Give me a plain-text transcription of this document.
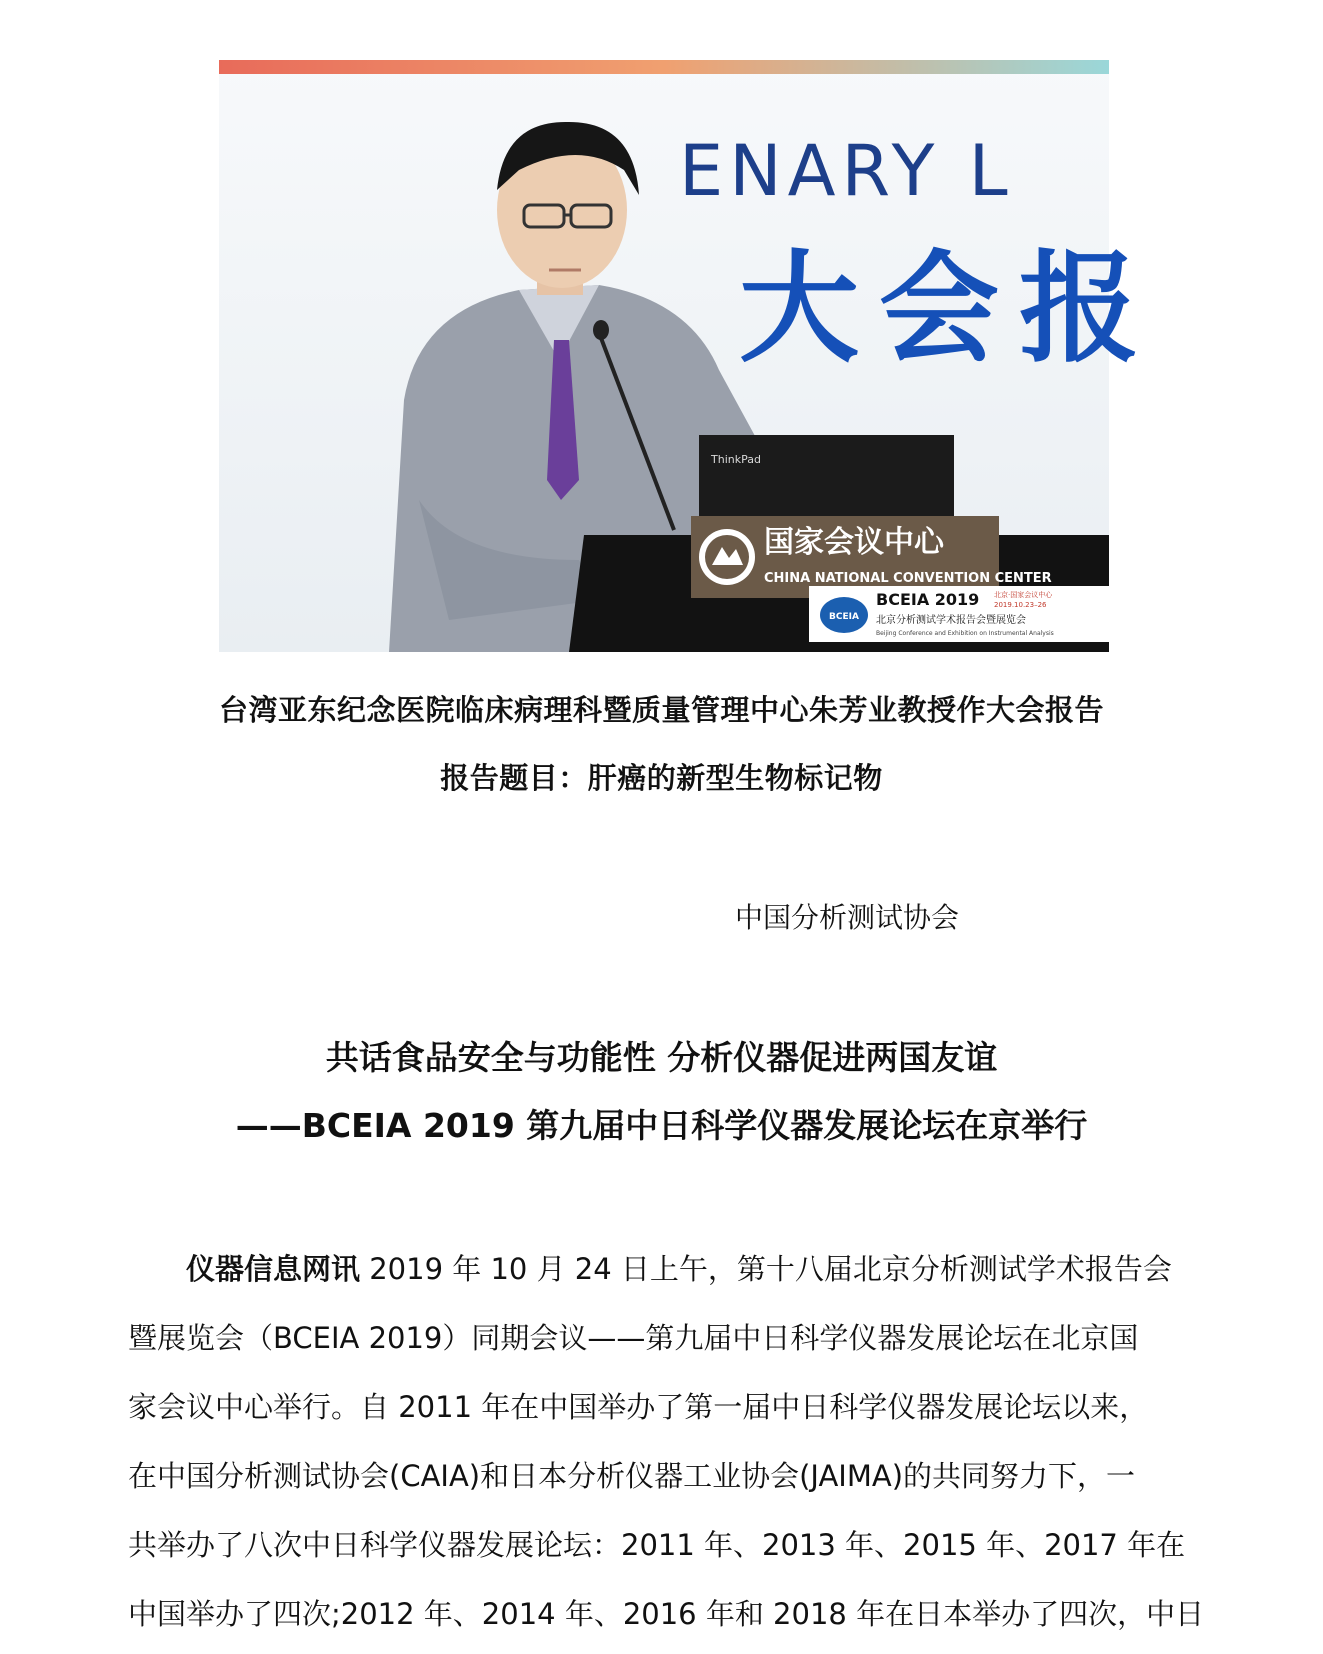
ENARY L
大会报
ThinkPad
国家会议中心
CHINA NATIONAL CONVENTION CENTER
BCEIA
BCEIA 2019 北京·国家会议中心
2019.10.23–26
北京分析测试学术报告会暨展览会
Beijing Conference and Exhibition on Instrumental Analysis
台湾亚东纪念医院临床病理科暨质量管理中心朱芳业教授作大会报告
报告题目：肝癌的新型生物标记物
中国分析测试协会
共话食品安全与功能性 分析仪器促进两国友谊
——BCEIA 2019 第九届中日科学仪器发展论坛在京举行
仪器信息网讯 2019 年 10 月 24 日上午，第十八届北京分析测试学术报告会
暨展览会（BCEIA 2019）同期会议——第九届中日科学仪器发展论坛在北京国
家会议中心举行。自 2011 年在中国举办了第一届中日科学仪器发展论坛以来，
在中国分析测试协会(CAIA)和日本分析仪器工业协会(JAIMA)的共同努力下，一
共举办了八次中日科学仪器发展论坛：2011 年、2013 年、2015 年、2017 年在
中国举办了四次;2012 年、2014 年、2016 年和 2018 年在日本举办了四次，中日
